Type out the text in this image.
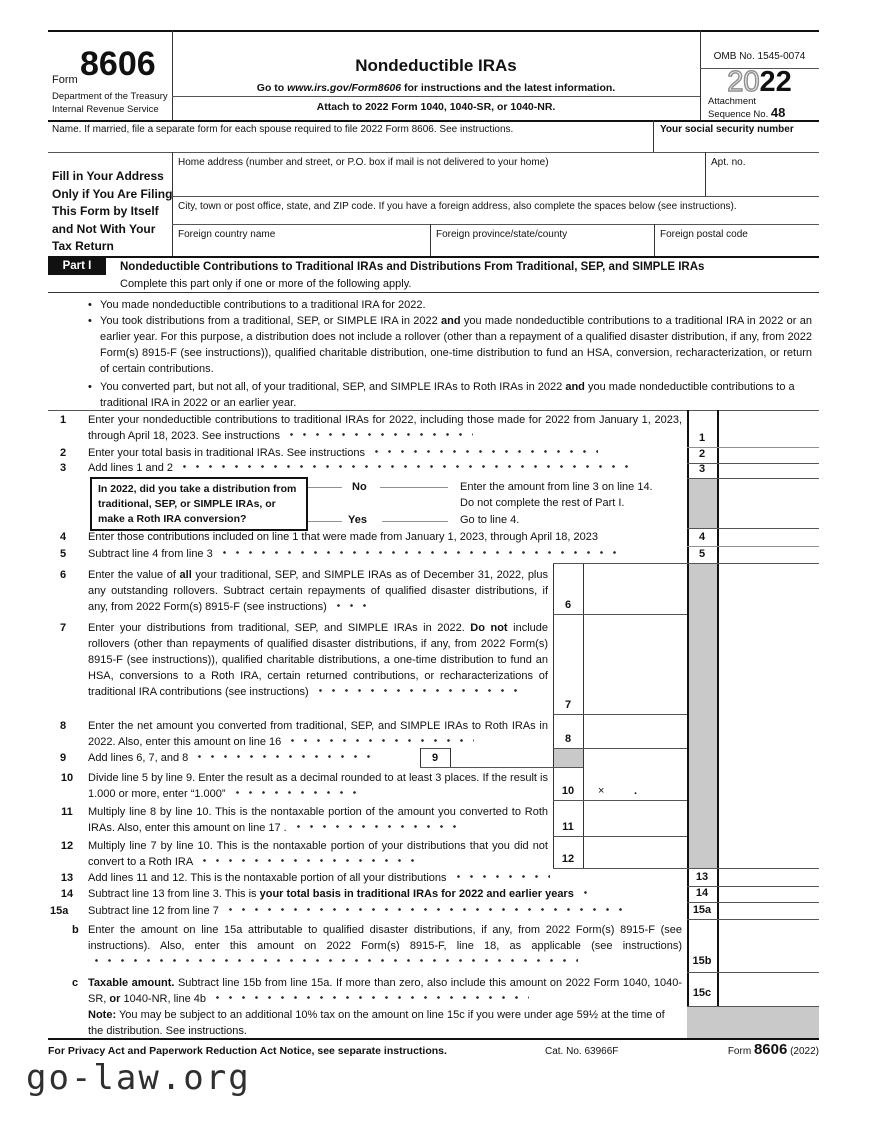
Form 8606
Department of the Treasury
Internal Revenue Service
Nondeductible IRAs
Go to www.irs.gov/Form8606 for instructions and the latest information.
Attach to 2022 Form 1040, 1040-SR, or 1040-NR.
OMB No. 1545-0074
2022
Attachment
Sequence No. 48
Name. If married, file a separate form for each spouse required to file 2022 Form 8606. See instructions.	Your social security number
Fill in Your Address Only if You Are Filing This Form by Itself and Not With Your Tax Return
Home address (number and street, or P.O. box if mail is not delivered to your home)	Apt. no.
City, town or post office, state, and ZIP code. If you have a foreign address, also complete the spaces below (see instructions).
Foreign country name	Foreign province/state/county	Foreign postal code
Part I	Nondeductible Contributions to Traditional IRAs and Distributions From Traditional, SEP, and SIMPLE IRAs
Complete this part only if one or more of the following apply.
• You made nondeductible contributions to a traditional IRA for 2022.
• You took distributions from a traditional, SEP, or SIMPLE IRA in 2022 and you made nondeductible contributions to a traditional IRA in 2022 or an earlier year. For this purpose, a distribution does not include a rollover (other than a repayment of a qualified disaster distribution, if any, from 2022 Form(s) 8915-F (see instructions)), qualified charitable distribution, one-time distribution to fund an HSA, conversion, recharacterization, or return of certain contributions.
• You converted part, but not all, of your traditional, SEP, and SIMPLE IRAs to Roth IRAs in 2022 and you made nondeductible contributions to a traditional IRA in 2022 or an earlier year.
1 Enter your nondeductible contributions to traditional IRAs for 2022, including those made for 2022 from January 1, 2023, through April 18, 2023. See instructions	1
2 Enter your total basis in traditional IRAs. See instructions	2
3 Add lines 1 and 2	3
In 2022, did you take a distribution from traditional, SEP, or SIMPLE IRAs, or make a Roth IRA conversion?
No	Enter the amount from line 3 on line 14.
Do not complete the rest of Part I.
Yes	Go to line 4.
4 Enter those contributions included on line 1 that were made from January 1, 2023, through April 18, 2023	4
5 Subtract line 4 from line 3	5
6 Enter the value of all your traditional, SEP, and SIMPLE IRAs as of December 31, 2022, plus any outstanding rollovers. Subtract certain repayments of qualified disaster distributions, if any, from 2022 Form(s) 8915-F (see instructions)	6
7 Enter your distributions from traditional, SEP, and SIMPLE IRAs in 2022. Do not include rollovers (other than repayments of qualified disaster distributions, if any, from 2022 Form(s) 8915-F (see instructions)), qualified charitable distributions, a one-time distribution to fund an HSA, conversions to a Roth IRA, certain returned contributions, or recharacterizations of traditional IRA contributions (see instructions)
7
8 Enter the net amount you converted from traditional, SEP, and SIMPLE IRAs to Roth IRAs in 2022. Also, enter this amount on line 16	8
9 Add lines 6, 7, and 8	9
10	Divide line 5 by line 9. Enter the result as a decimal rounded to at least 3 places. If the result is 1.000 or more, enter “1.000”	10	×	.
11	Multiply line 8 by line 10. This is the nontaxable portion of the amount you converted to Roth IRAs. Also, enter this amount on line 17 .	11
12	Multiply line 7 by line 10. This is the nontaxable portion of your distributions that you did not convert to a Roth IRA	12
13	Add lines 11 and 12. This is the nontaxable portion of all your distributions	13
14	Subtract line 13 from line 3. This is your total basis in traditional IRAs for 2022 and earlier years	14
15a Subtract line 12 from line 7	15a
b Enter the amount on line 15a attributable to qualified disaster distributions, if any, from 2022 Form(s) 8915-F (see instructions). Also, enter this amount on 2022 Form(s) 8915-F, line 18, as applicable (see instructions)
15b
c Taxable amount. Subtract line 15b from line 15a. If more than zero, also include this amount on 2022 Form 1040, 1040-SR, or 1040-NR, line 4b	15c
Note: You may be subject to an additional 10% tax on the amount on line 15c if you were under age 59½ at the time of the distribution. See instructions.
For Privacy Act and Paperwork Reduction Act Notice, see separate instructions.	Cat. No. 63966F	Form 8606 (2022)
go-law.org
